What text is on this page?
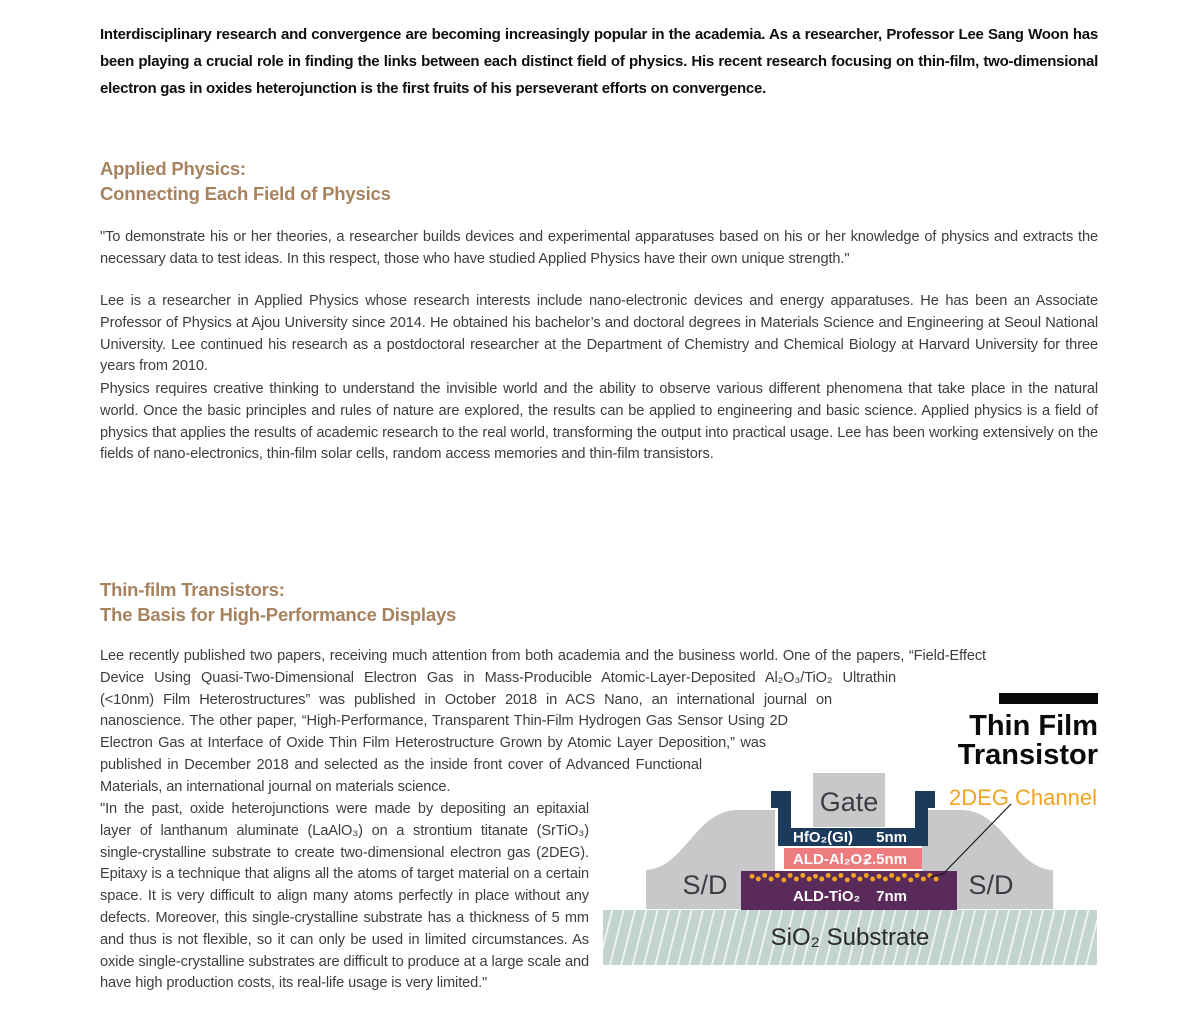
Interdisciplinary research and convergence are becoming increasingly popular in the academia. As a researcher, Professor Lee Sang Woon has been playing a crucial role in finding the links between each distinct field of physics. His recent research focusing on thin-film, two-dimensional electron gas in oxides heterojunction is the first fruits of his perseverant efforts on convergence.
Applied Physics:
Connecting Each Field of Physics
"To demonstrate his or her theories, a researcher builds devices and experimental apparatuses based on his or her knowledge of physics and extracts the necessary data to test ideas. In this respect, those who have studied Applied Physics have their own unique strength."
Lee is a researcher in Applied Physics whose research interests include nano-electronic devices and energy apparatuses. He has been an Associate Professor of Physics at Ajou University since 2014. He obtained his bachelor’s and doctoral degrees in Materials Science and Engineering at Seoul National University. Lee continued his research as a postdoctoral researcher at the Department of Chemistry and Chemical Biology at Harvard University for three years from 2010.
Physics requires creative thinking to understand the invisible world and the ability to observe various different phenomena that take place in the natural world. Once the basic principles and rules of nature are explored, the results can be applied to engineering and basic science. Applied physics is a field of physics that applies the results of academic research to the real world, transforming the output into practical usage. Lee has been working extensively on the fields of nano-electronics, thin-film solar cells, random access memories and thin-film transistors.
Thin-film Transistors:
The Basis for High-Performance Displays
Lee recently published two papers, receiving much attention from both academia and the business world. One of the papers, “Field-Effect Device Using Quasi-Two-Dimensional Electron Gas in Mass-Producible Atomic-Layer-Deposited Al₂O₃/TiO₂ Ultrathin (<10nm) Film Heterostructures” was published in October 2018 in ACS Nano, an international journal on nanoscience. The other paper, “High-Performance, Transparent Thin-Film Hydrogen Gas Sensor Using 2D Electron Gas at Interface of Oxide Thin Film Heterostructure Grown by Atomic Layer Deposition,” was published in December 2018 and selected as the inside front cover of Advanced Functional Materials, an international journal on materials science.
"In the past, oxide heterojunctions were made by depositing an epitaxial layer of lanthanum aluminate (LaAlO₃) on a strontium titanate (SrTiO₃) single-crystalline substrate to create two-dimensional electron gas (2DEG). Epitaxy is a technique that aligns all the atoms of target material on a certain space. It is very difficult to align many atoms perfectly in place without any defects. Moreover, this single-crystalline substrate has a thickness of 5 mm and thus is not flexible, so it can only be used in limited circumstances. As oxide single-crystalline substrates are difficult to produce at a large scale and have high production costs, its real-life usage is very limited."
Thin Film
Transistor
2DEG Channel
Gate
S/D	S/D
HfO₂(GI) 5nm
ALD-Al₂O₃
2.5nm
ALD-TiO₂ 7nm
SiO₂ Substrate
